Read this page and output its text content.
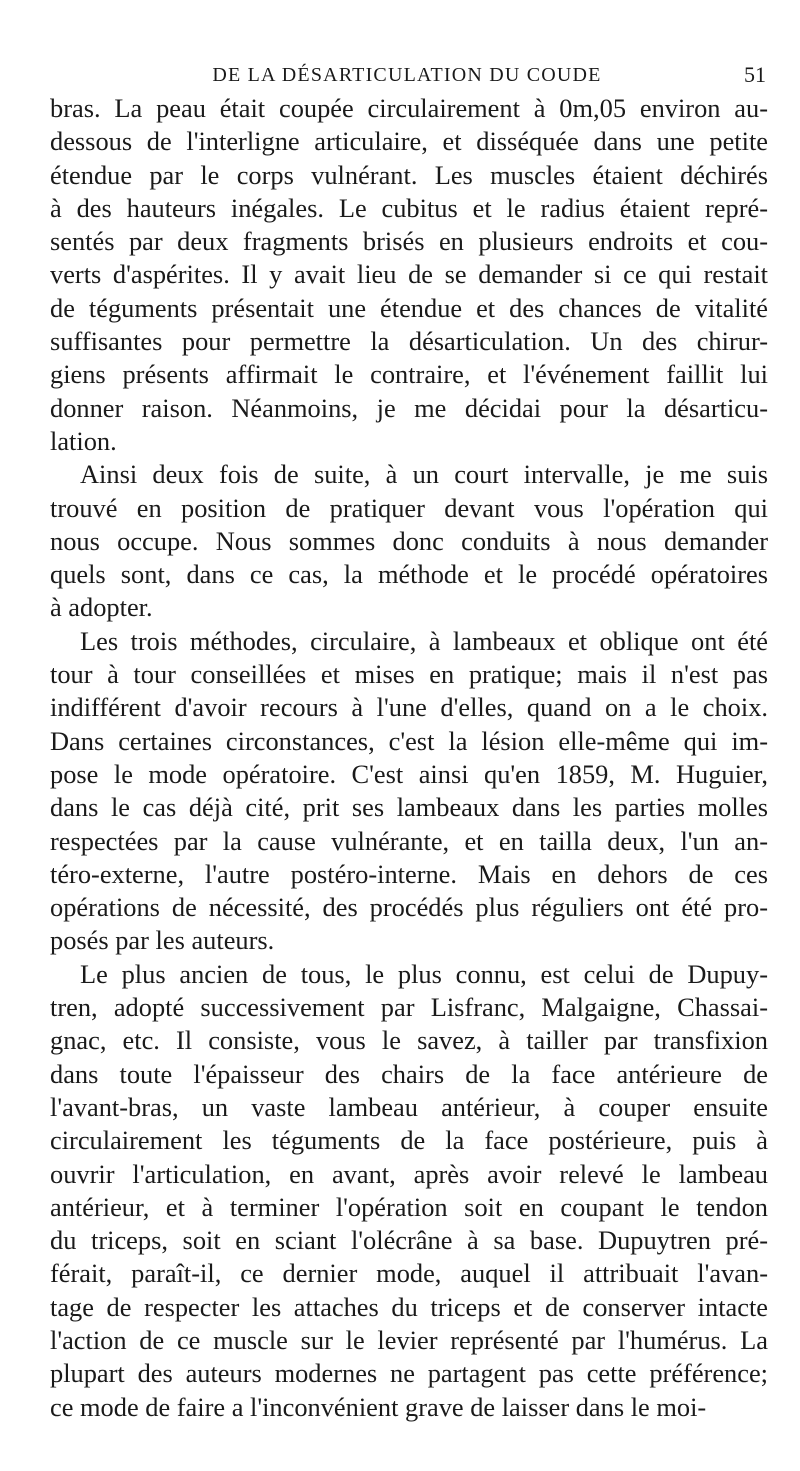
DE LA DÉSARTICULATION DU COUDE	51

bras. La peau était coupée circulairement à 0m,05 environ au-
dessous de l'interligne articulaire, et disséquée dans une petite
étendue par le corps vulnérant. Les muscles étaient déchirés
à des hauteurs inégales. Le cubitus et le radius étaient repré-
sentés par deux fragments brisés en plusieurs endroits et cou-
verts d'aspérites. Il y avait lieu de se demander si ce qui restait
de téguments présentait une étendue et des chances de vitalité
suffisantes pour permettre la désarticulation. Un des chirur-
giens présents affirmait le contraire, et l'événement faillit lui
donner raison. Néanmoins, je me décidai pour la désarticu-
lation.

Ainsi deux fois de suite, à un court intervalle, je me suis
trouvé en position de pratiquer devant vous l'opération qui
nous occupe. Nous sommes donc conduits à nous demander
quels sont, dans ce cas, la méthode et le procédé opératoires
à adopter.

Les trois méthodes, circulaire, à lambeaux et oblique ont été
tour à tour conseillées et mises en pratique; mais il n'est pas
indifférent d'avoir recours à l'une d'elles, quand on a le choix.
Dans certaines circonstances, c'est la lésion elle-même qui im-
pose le mode opératoire. C'est ainsi qu'en 1859, M. Huguier,
dans le cas déjà cité, prit ses lambeaux dans les parties molles
respectées par la cause vulnérante, et en tailla deux, l'un an-
téro-externe, l'autre postéro-interne. Mais en dehors de ces
opérations de nécessité, des procédés plus réguliers ont été pro-
posés par les auteurs.

Le plus ancien de tous, le plus connu, est celui de Dupuy-
tren, adopté successivement par Lisfranc, Malgaigne, Chassai-
gnac, etc. Il consiste, vous le savez, à tailler par transfixion
dans toute l'épaisseur des chairs de la face antérieure de
l'avant-bras, un vaste lambeau antérieur, à couper ensuite
circulairement les téguments de la face postérieure, puis à
ouvrir l'articulation, en avant, après avoir relevé le lambeau
antérieur, et à terminer l'opération soit en coupant le tendon
du triceps, soit en sciant l'olécrâne à sa base. Dupuytren pré-
férait, paraît-il, ce dernier mode, auquel il attribuait l'avan-
tage de respecter les attaches du triceps et de conserver intacte
l'action de ce muscle sur le levier représenté par l'humérus. La
plupart des auteurs modernes ne partagent pas cette préférence;
ce mode de faire a l'inconvénient grave de laisser dans le moi-
